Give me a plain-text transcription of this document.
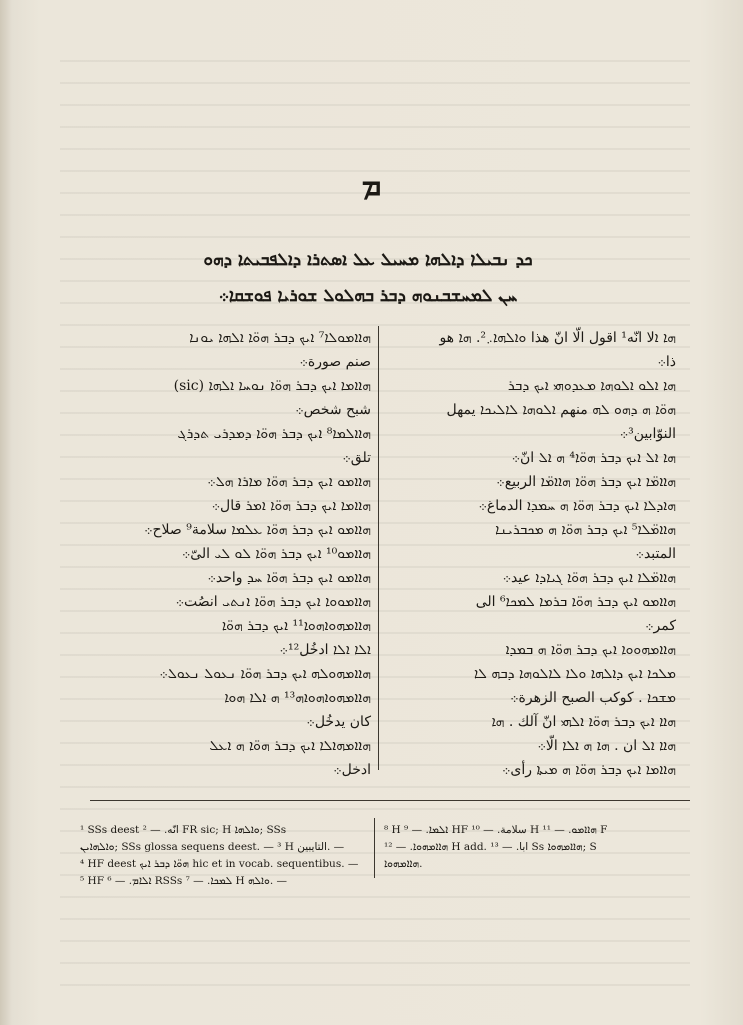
ܡ
ܟܕ ܢܒܝܠܐ ܕܐܠܗܐ ܡܚܝܠ ܥܠ ܐܣܬܪܐ ܕܐܠܦܒܝܬܐ ܕܗܘ
ܚܢ ܠܡܚܫܒܢܘܗ ܕܒܪ ܒܗܠܘܠ ܫܘܪܝܐ ܦܘܫܩܐ܀

ܗܐ ܐلا انّه¹ اقول الّا انّ هذا ܘܐܠܗܐ܇². ܗܐ هو

ذا܀

ܗܐ ܐܠܘ ܐܠܘܗܐ ܡܥܕܘܗܝ ܐܝܟ ܕܒܪ

ܗܘ̈ܐ ܗ ܕܗܘ ܠܗ منهم ܐܠܘܗܐ ܠܐܠܝܟܐ يمهل

النوّابين³܀

ܗܐ ܐܠ ܐܝܟ ܕܒܪ ܗܘ̈ܐ⁴ ܗ ܐܠ انّ܀

ܗܐܐܡ̈ܐ ܐܝܟ ܕܒܪ ܗܘ̈ܐ ܗܐܐܡ̈ܐ الربيع܀

ܗܐܕܠܐ ܐܝܟ ܕܒܪ ܗܘ̈ܐ ܗ ܚܡܕܐ الدماغ܀

ܗܐܐܡ̈ܠܐ⁵ ܐܝܟ ܕܒܪ ܗܘ̈ܐ ܗ ܡܟܒܪܝܢܐ

المتبد܀

ܗܐܐܡ̈ܠܐ ܐܝܟ ܕܒܪ ܗܘ̈ܐ ܓܝܐܕܐ عيد܀

ܗܐܐܡܘ ܐܝܟ ܕܒܪ ܗܘ̈ܐ ܒܪܡܐ ܠܡܟܐ⁶ الى

كمر܀

ܗܐܐܡܗܘܘܐ ܐܝܟ ܕܒܪ ܗܘ̈ܐ ܗ ܒܡܕܐ

ܡܠܟܐ ܐܝܟ ܕܐܠܗܐ ܘܠܐ ܠܐܠܘܗܐ ܕܒܗ ܠܐ

ܡܫܟܐ . كوكب الصبح الزهرة܀

ܗܐܐ ܐܝܟ ܕܒܪ ܗܘ̈ܐ ܐܠܗܝ انّ آلك . ܗܐ

ܗܐܐ ܐܠ ان . ܗܐ ܗ ܐܠܐ الّا܀

ܗܐܐܡܐ ܐܝܟ ܕܒܪ ܗܘ̈ܐ ܗ ܡܝܬܐ رأى܀

ܗܐܐܡܘܠܐ⁷ ܐܝܟ ܕܒܪ ܗܘ̈ܐ ܐܠܗܐ ܝܘܢܐ

صنم صورة܀

ܗܐܐܡܐ ܐܝܟ ܕܒܪ ܗܘ̈ܐ ܢܘܚܐ ܐܠܗܐ (sic)

شبح شخص܀

ܗܐܐܠܡܐ⁸ ܐܝܟ ܕܒܪ ܗܘ̈ܐ ܕܡܕܪܝ ܬܕܪܓ

تلق܀

ܗܐܐܡܘ ܐܝܟ ܕܒܪ ܗܘ̈ܐ ܡܐܪܐ ܗܠ܀

ܗܐܐܡܐ ܐܝܟ ܕܒܪ ܗܘ̈ܐ ܐܡܪ قال܀

ܗܐܐܡܘ ܐܝܟ ܕܒܪ ܗܘ̈ܐ ܥܠܡܐ سلامة⁹ صلاح܀

ܗܐܐܡܘ¹⁰ ܐܝܟ ܕܒܪ ܗܘ̈ܐ ܠܘ ܠܝ الىّ܀

ܗܐܐܡܘ ܐܝܟ ܕܒܪ ܗܘ̈ܐ ܚܕ واحد܀

ܗܐܐܡܘܘܐ ܐܝܟ ܕܒܪ ܗܘ̈ܐ ܐܢܬܝ انصُت܀

ܗܐܐܡܗܘܐܗܘܐ¹¹ ܐܝܟ ܕܒܪ ܗܘ̈ܐ

ܐܠܐ ܐܠܐ ادخُل¹²܀

ܗܐܐܡܗܘܠܗ ܐܝܟ ܕܒܪ ܗܘ̈ܐ ܢܥܘܠ ܢܥܘܠ܀

ܗܐܐܡܗܘܐܗܘܐܗ¹³ ܗ ܐܠܐ ܗܘܐ

كان يدخُل܀

ܗܐܐܡܗܐܠܐ ܐܝܟ ܕܒܪ ܗܘ̈ܐ ܗ ܐܥܠ

ادخل܀

¹ SSs deest انّه. — ² FR sic; H ܘܐܠܗܐ; SSs

ܘܐܠܗܐܝܢ; SSs glossa sequens deest. — ³ H التايبين. —

⁴ HF deest ܗܘ̈ܐ ܕܒܪ ܐܝܟ hic et in vocab. sequentibus. —

⁵ HF ܐܠܐܡ. — ⁶ RSSs ܠܡܟܐ. — ⁷ H ܘܐܠܗ. —

⁸ H ܐܠܡܐ. — ⁹ HF سلامة. — ¹⁰ H ܗܐܐܡܘ. — ¹¹ F

ܗܐܐܡܗܘܐ. — ¹² H add. ابا. — ¹³ Ss ܗܐܐܡܗܘܐ; S

ܗܐܐܡܗܘܐ.
